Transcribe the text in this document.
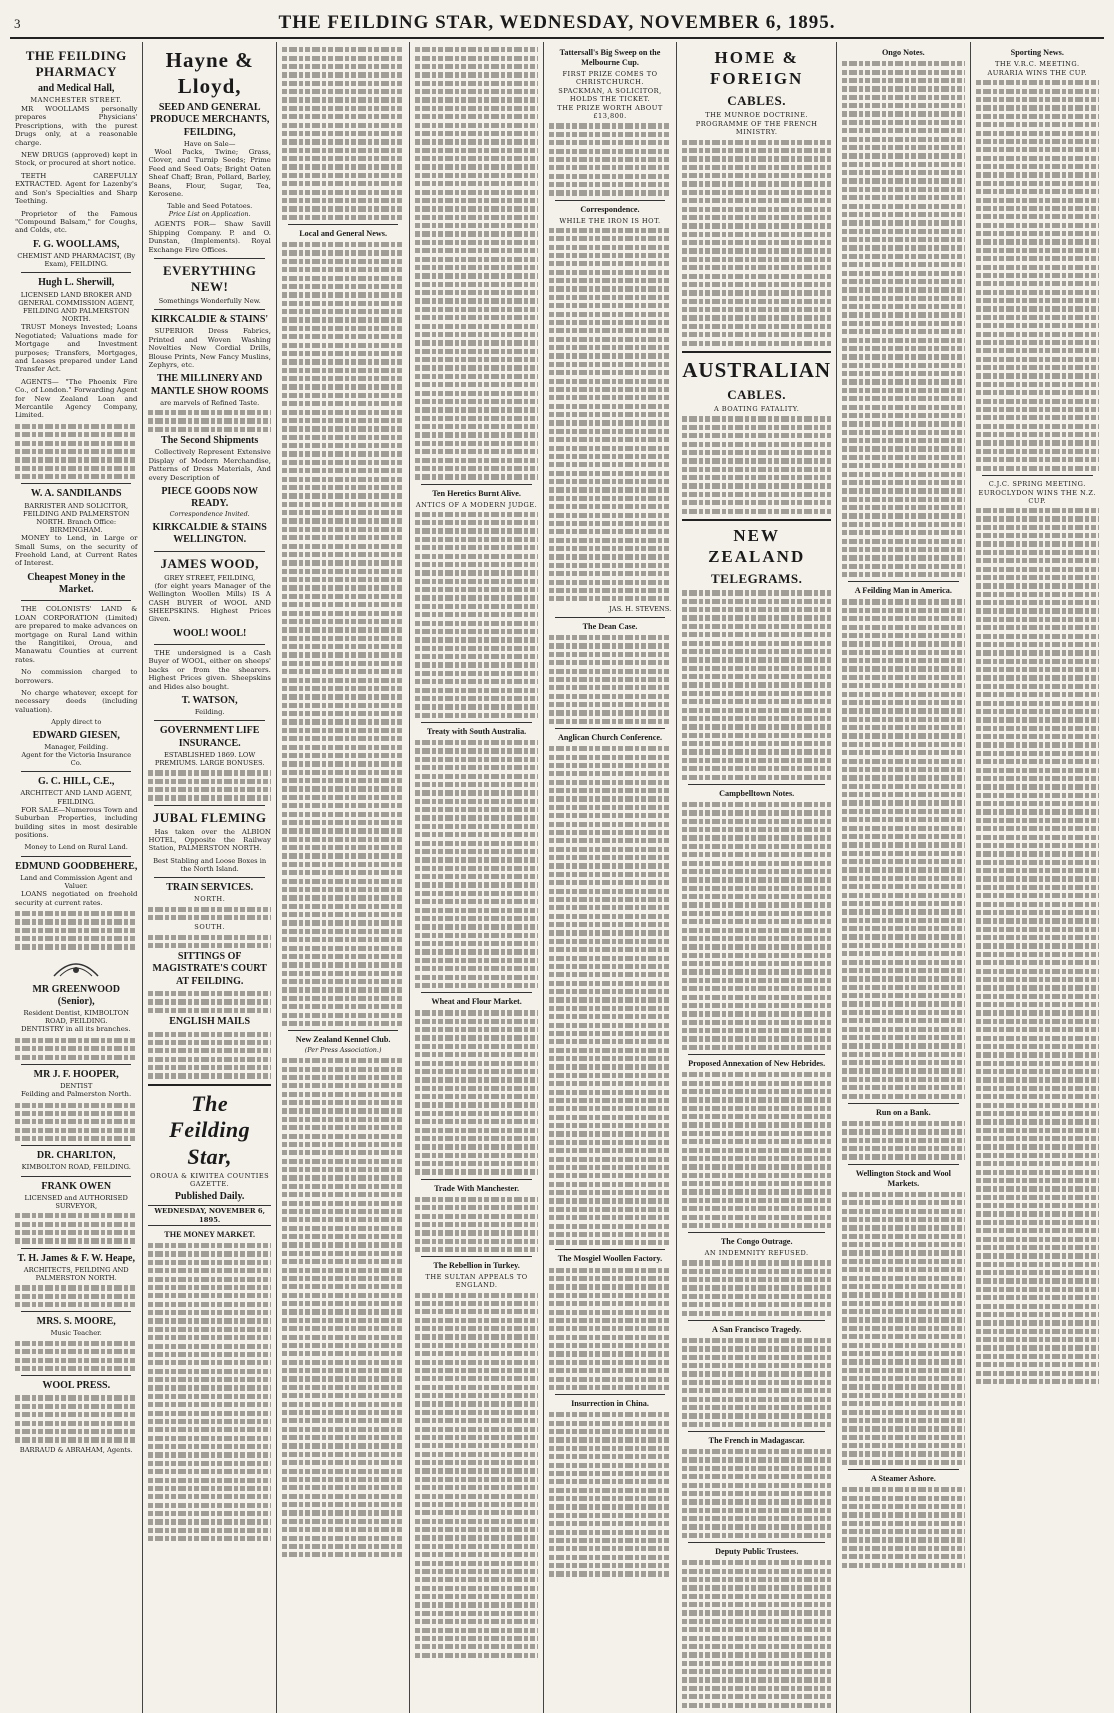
3	THE FEILDING STAR, WEDNESDAY, NOVEMBER 6, 1895.
THE FEILDING PHARMACY
and Medical Hall,
MANCHESTER STREET.

MR WOOLLAMS personally prepares Physicians' Prescriptions, with the purest Drugs only, at a reasonable charge.

NEW DRUGS (approved) kept in Stock, or procured at short notice.

TEETH CAREFULLY EXTRACTED. Agent for Lazenby's and Son's Specialties and Sharp Teething.

Proprietor of the Famous "Compound Balsam," for Coughs, and Colds, etc.

F. G. WOOLLAMS,
CHEMIST AND PHARMACIST, (By Exam), FEILDING.
Hugh L. Sherwill,
LICENSED LAND BROKER AND GENERAL COMMISSION AGENT, FEILDING AND PALMERSTON NORTH.

TRUST Moneys Invested; Loans Negotiated; Valuations made for Mortgage and Investment purposes; Transfers, Mortgages, and Leases prepared under Land Transfer Act.

AGENTS— "The Phoenix Fire Co., of London." Forwarding Agent for New Zealand Loan and Mercantile Agency Company, Limited.

W. A. SANDILANDS
BARRISTER AND SOLICITOR, FEILDING AND PALMERSTON NORTH. Branch Office: BIRMINGHAM.

MONEY to Lend, in Large or Small Sums, on the security of Freehold Land, at Current Rates of Interest.

Cheapest Money in the Market.

THE COLONISTS' LAND & LOAN CORPORATION (Limited) are prepared to make advances on mortgage on Rural Land within the Rangitikei, Oroua, and Manawatu Counties at current rates.

No commission charged to borrowers.

No charge whatever, except for necessary deeds (including valuation).

Apply direct to
EDWARD GIESEN,
Manager, Feilding.
Agent for the Victoria Insurance Co.
G. C. HILL, C.E.,
ARCHITECT AND LAND AGENT, FEILDING.

FOR SALE—Numerous Town and Suburban Properties, including building sites in most desirable positions.

Money to Lend on Rural Land.
EDMUND GOODBEHERE,
Land and Commission Agent and Valuer.

LOANS negotiated on freehold security at current rates.

MR GREENWOOD (Senior),
Resident Dentist, KIMBOLTON ROAD, FEILDING.

DENTISTRY in all its branches.

MR J. F. HOOPER,
DENTIST

Feilding and Palmerston North.

DR. CHARLTON,
KIMBOLTON ROAD, FEILDING.
FRANK OWEN
LICENSED and AUTHORISED SURVEYOR,
T. H. James & F. W. Heape,
ARCHITECTS, FEILDING AND PALMERSTON NORTH.
MRS. S. MOORE,
Music Teacher.
WOOL PRESS.
BARRAUD & ABRAHAM, Agents.
Hayne & Lloyd,
SEED AND GENERAL PRODUCE MERCHANTS, FEILDING,
Have on Sale—

Wool Packs, Twine; Grass, Clover, and Turnip Seeds; Prime Feed and Seed Oats; Bright Oaten Sheaf Chaff; Bran, Pollard, Barley, Beans, Flour, Sugar, Tea, Kerosene.

Table and Seed Potatoes.
Price List on Application.

AGENTS FOR— Shaw Savill Shipping Company. P. and O. Dunstan, (Implements). Royal Exchange Fire Offices.

EVERYTHING NEW!
Somethings Wonderfully New.
KIRKCALDIE & STAINS'

SUPERIOR Dress Fabrics, Printed and Woven Washing Novelties New Cordial Drills, Blouse Prints, New Fancy Muslins, Zephyrs, etc.

THE MILLINERY AND MANTLE SHOW ROOMS
are marvels of Refined Taste.
The Second Shipments

Collectively Represent Extensive Display of Modern Merchandise, Patterns of Dress Materials, And every Description of

PIECE GOODS NOW READY.
Correspondence Invited.
KIRKCALDIE & STAINS WELLINGTON.
JAMES WOOD,
GREY STREET, FEILDING,

(for eight years Manager of the Wellington Woollen Mills) IS A CASH BUYER of WOOL AND SHEEPSKINS. Highest Prices Given.

WOOL! WOOL!

THE undersigned is a Cash Buyer of WOOL, either on sheeps' backs or from the shearers. Highest Prices given. Sheepskins and Hides also bought.

T. WATSON,
Feilding.
GOVERNMENT LIFE INSURANCE.
ESTABLISHED 1869. LOW PREMIUMS. LARGE BONUSES.
JUBAL FLEMING

Has taken over the ALBION HOTEL, Opposite the Railway Station, PALMERSTON NORTH.

Best Stabling and Loose Boxes in the North Island.
TRAIN SERVICES.
NORTH.
SOUTH.
SITTINGS OF MAGISTRATE'S COURT AT FEILDING.
ENGLISH MAILS
The Feilding Star,
OROUA & KIWITEA COUNTIES GAZETTE.
Published Daily.
WEDNESDAY, NOVEMBER 6, 1895.
THE MONEY MARKET.
Local and General News.
New Zealand Kennel Club.
(Per Press Association.)
Ten Heretics Burnt Alive.
ANTICS OF A MODERN JUDGE.
Treaty with South Australia.
Wheat and Flour Market.
Trade With Manchester.
The Rebellion in Turkey.
THE SULTAN APPEALS TO ENGLAND.
Tattersall's Big Sweep on the Melbourne Cup.
FIRST PRIZE COMES TO CHRISTCHURCH.
SPACKMAN, A SOLICITOR, HOLDS THE TICKET.
THE PRIZE WORTH ABOUT £13,800.
Correspondence.
WHILE THE IRON IS HOT.
JAS. H. STEVENS.
The Dean Case.
Anglican Church Conference.
The Mosgiel Woollen Factory.
Insurrection in China.
HOME & FOREIGN
CABLES.
THE MUNROE DOCTRINE.
PROGRAMME OF THE FRENCH MINISTRY.
AUSTRALIAN
CABLES.
A BOATING FATALITY.
NEW ZEALAND
TELEGRAMS.
Campbelltown Notes.
Proposed Annexation of New Hebrides.
The Congo Outrage.
AN INDEMNITY REFUSED.
A San Francisco Tragedy.
The French in Madagascar.
Deputy Public Trustees.
Ongo Notes.
A Feilding Man in America.
Run on a Bank.
Wellington Stock and Wool Markets.
A Steamer Ashore.
Sporting News.
THE V.R.C. MEETING.
AURARIA WINS THE CUP.
C.J.C. SPRING MEETING.
EUROCLYDON WINS THE N.Z. CUP.
